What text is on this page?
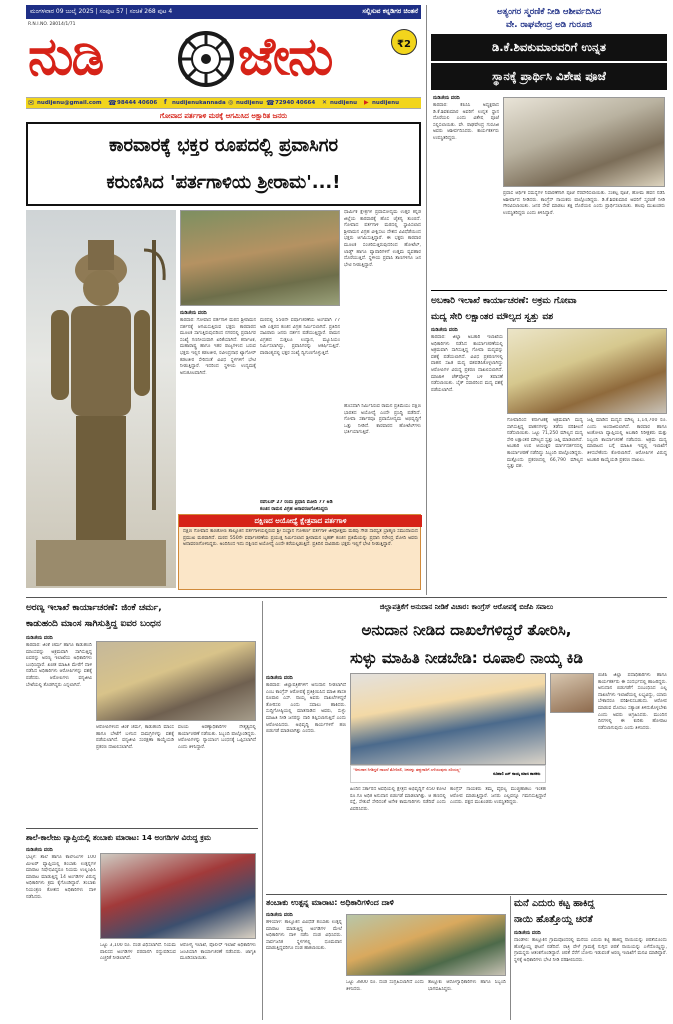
ಮಂಗಳವಾರ 09 ಜುಲೈ 2025 | ಸಂಪುಟ 57 | ಸಂಚಿಕೆ 268 ಪುಟ 4	ಸಲ್ಲಿಸುವ ಕನ್ನಡಿಗರ ಚಿಂತನೆ
R.N.I.NO. 28014/1/71
ನುಡಿ	ಜೇನು	₹2
✉ nudijenu@gmail.com ☎ 98444 40606 f nudijenukannada ◎ nudijenu ☎ 72940 40664 ✕ nudijenu ▶ nudijenu
ಅತ್ಯಂಗರ ಸ್ಮರಣಿಕೆ ನೀಡಿ ಆಶೀರ್ವದಿಸಿದ
ವೇ. ರಾಘವೇಂದ್ರ ಅಡಿ ಗುರೂಜಿ
ಡಿ.ಕೆ.ಶಿವಕುಮಾರವರಿಗೆ ಉನ್ನತ
ಸ್ಥಾನಕ್ಕೆ ಪ್ರಾರ್ಥಿಸಿ ವಿಶೇಷ ಪೂಜೆ
ನುಡಿಜೇನು ವರದಿ
ಕಾರವಾರ: ಕೆಪಿಸಿಸಿ ಅಧ್ಯಕ್ಷರಾದ ಡಿ.ಕೆ.ಶಿವಕುಮಾರ ಅವರಿಗೆ ಉನ್ನತ ಸ್ಥಾನ ದೊರೆಯಲಿ ಎಂದು ವಿಶೇಷ ಪೂಜೆ ಸಲ್ಲಿಸಲಾಯಿತು. ವೇ. ರಾಘವೇಂದ್ರ ಗುರೂಜಿ ಅವರು ಆಶೀರ್ವದಿಸಿದರು. ಕಾರ್ಯಕರ್ತರು ಉಪಸ್ಥಿತರಿದ್ದರು.
ಪ್ರವಾಸ ಆರ್ಥಿಕ ಸಮಸ್ಯೆಗಳ ನಿವಾರಣೆಗಾಗಿ ಪೂಜೆ ನೆರವೇರಿಸಲಾಯಿತು. ಸಂಕಲ್ಪ ಪೂಜೆ, ಹೋಮ ಹವನ ನಡೆಸಿ ಅಶೀರ್ವಾದ ನೀಡಿದರು. ಕಾಂಗ್ರೆಸ್ ನಾಯಕರು ಪಾಲ್ಗೊಂಡಿದ್ದರು. ಡಿ.ಕೆ.ಶಿವಕುಮಾರ ಅವರಿಗೆ ಸ್ಮರಣಿಕೆ ನೀಡಿ ಗೌರವಿಸಲಾಯಿತು. ಜನರ ಸೇವೆ ಮಾಡಲು ಶಕ್ತಿ ದೊರೆಯಲಿ ಎಂದು ಪ್ರಾರ್ಥಿಸಲಾಯಿತು. ಹಲವು ಮುಖಂಡರು ಉಪಸ್ಥಿತರಿದ್ದರು ಎಂದು ತಿಳಿಸಿದ್ದಾರೆ.
ಗೋವಾದ ಪರ್ತಗಾಳಿ ಮಠಕ್ಕೆ ಆಗಮಿಸಿದ ಅಕ್ಷಾರಿತ ಜನರು
ಕಾರವಾರಕ್ಕೆ ಭಕ್ತರ ರೂಪದಲ್ಲಿ ಪ್ರವಾಸಿಗರ
ಕರುಣಿಸಿದ 'ಪರ್ತಗಾಳಿಯ ಶ್ರೀರಾಮ'...!
ಧಾರ್ಮಿಕ ಕ್ಷೇತ್ರಗಳ ಪ್ರವಾಸೋದ್ಯಮ ಉತ್ತರ ಕನ್ನಡ ಜಿಲ್ಲೆಯ ಕಾರವಾರಕ್ಕೆ ಹೊಸ ಚೈತನ್ಯ ತುಂಬಿದೆ. ಗೋವಾದ ಪರ್ತಗಾಳಿ ಮಠದಲ್ಲಿ ಸ್ಥಾಪಿಸಲಾದ ಶ್ರೀರಾಮನ ವಿಗ್ರಹ ವೀಕ್ಷಿಸಲು ದೇಶದ ವಿವಿಧೆಡೆಯಿಂದ ಭಕ್ತರು ಆಗಮಿಸುತ್ತಿದ್ದಾರೆ. ಈ ಭಕ್ತರು ಕಾರವಾರ ಮೂಲಕ ಸಂಚರಿಸುತ್ತಿರುವುದರಿಂದ ಹೋಟೆಲ್, ಲಾಡ್ಜ್ ಹಾಗೂ ವ್ಯಾಪಾರಿಗಳಿಗೆ ಉತ್ತಮ ವ್ಯವಹಾರ ದೊರೆಯುತ್ತಿದೆ. ಸ್ಥಳೀಯ ಪ್ರವಾಸಿ ತಾಣಗಳಿಗೂ ಜನ ಭೇಟಿ ನೀಡುತ್ತಿದ್ದಾರೆ.
ನುಡಿಜೇನು ವರದಿ
ಕಾರವಾರ: ಗೋವಾದ ಪರ್ತಗಾಳಿ ಮಠದ ಶ್ರೀರಾಮನ ದರ್ಶನಕ್ಕೆ ಆಗಮಿಸುತ್ತಿರುವ ಭಕ್ತರು ಕಾರವಾರದ ಮೂಲಕ ಸಾಗುತ್ತಿರುವುದರಿಂದ ನಗರದಲ್ಲಿ ಪ್ರವಾಸಿಗರ ಸಂಖ್ಯೆ ಗಣನೀಯವಾಗಿ ಏರಿಕೆಯಾಗಿದೆ. ಕರ್ನಾಟಕ, ಮಹಾರಾಷ್ಟ್ರ ಹಾಗೂ ಇತರ ರಾಜ್ಯಗಳಿಂದ ಬರುವ ಭಕ್ತರು ಇಲ್ಲಿನ ಕಡಲತೀರ, ರವೀಂದ್ರನಾಥ ಟ್ಯಾಗೋರ್ ಕಡಲತೀರ ಸೇರಿದಂತೆ ವಿವಿಧ ಸ್ಥಳಗಳಿಗೆ ಭೇಟಿ ನೀಡುತ್ತಿದ್ದಾರೆ. ಇದರಿಂದ ಸ್ಥಳೀಯ ಉದ್ಯಮಕ್ಕೆ ಅನುಕೂಲವಾಗಿದೆ.
ಮಠದಲ್ಲಿ 550ನೇ ವರ್ಷಾಚರಣೆಯ ಅಂಗವಾಗಿ 77 ಅಡಿ ಎತ್ತರದ ಕಂಚಿನ ವಿಗ್ರಹ ನಿರ್ಮಿಸಲಾಗಿದೆ. ಪ್ರತಿದಿನ ಸಾವಿರಾರು ಜನರು ದರ್ಶನ ಪಡೆಯುತ್ತಿದ್ದಾರೆ. ರಾಮನ ವಿಗ್ರಹದ ಸುತ್ತಲೂ ಉದ್ಯಾನ, ಮ್ಯೂಸಿಯಂ ನಿರ್ಮಿಸಲಾಗಿದ್ದು, ಪ್ರವಾಸಿಗರನ್ನು ಆಕರ್ಷಿಸುತ್ತಿದೆ. ವಾರಾಂತ್ಯದಲ್ಲಿ ಭಕ್ತರ ಸಂಖ್ಯೆ ದ್ವಿಗುಣಗೊಳ್ಳುತ್ತಿದೆ.
ನವೆಂಬರ್ 27 ರಂದು ಪ್ರಧಾನಿ ಮೋದಿ 77 ಅಡಿ ಕಂಚಿನ ರಾಮನ ವಿಗ್ರಹ ಅನಾವರಣಗೊಳಿಸಿದ್ದರು
ಹೊಸದಾಗಿ ನಿರ್ಮಿಸಿರುವ ರಾಮನ ಪ್ರತಿಮೆಯು ದಕ್ಷಿಣ ಭಾರತದ ಅಯೋಧ್ಯೆ ಎಂದೇ ಪ್ರಸಿದ್ಧಿ ಪಡೆದಿದೆ. ಗೋವಾ ಸರ್ಕಾರವೂ ಪ್ರವಾಸೋದ್ಯಮ ಅಭಿವೃದ್ಧಿಗೆ ಒತ್ತು ನೀಡಿದೆ. ಕಾರವಾರದ ಹೋಟೆಲ್‌ಗಳು ಭರ್ತಿಯಾಗುತ್ತಿವೆ.
ದಕ್ಷಿಣದ ಅಯೋಧ್ಯೆ ಕ್ಷೇತ್ರವಾದ ಪರ್ತಗಾಳಿ
ದಕ್ಷಿಣ ಗೋವಾದ ಕಾಣಕೋಣ ತಾಲ್ಲೂಕಿನ ಪರ್ತಗಾಳಿಯಲ್ಲಿರುವ ಶ್ರೀ ಸಂಸ್ಥಾನ ಗೋಕರ್ಣ ಪರ್ತಗಾಳಿ ಜೀವೋತ್ತಮ ಮಠವು ಗೌಡ ಸಾರಸ್ವತ ಬ್ರಾಹ್ಮಣ ಸಮುದಾಯದ ಪ್ರಮುಖ ಮಠವಾಗಿದೆ. ಮಠದ 550ನೇ ವರ್ಷಾಚರಣೆಯ ಪ್ರಯುಕ್ತ ನಿರ್ಮಿಸಲಾದ ಶ್ರೀರಾಮನ ಬೃಹತ್ ಕಂಚಿನ ಪ್ರತಿಮೆಯನ್ನು ಪ್ರಧಾನಿ ನರೇಂದ್ರ ಮೋದಿ ಅವರು ಅನಾವರಣಗೊಳಿಸಿದ್ದರು. ಅಂದಿನಿಂದ ಇದು ದಕ್ಷಿಣದ ಅಯೋಧ್ಯೆ ಎಂದೇ ಕರೆಯಲ್ಪಡುತ್ತಿದೆ. ಪ್ರತಿದಿನ ಸಾವಿರಾರು ಭಕ್ತರು ಇಲ್ಲಿಗೆ ಭೇಟಿ ನೀಡುತ್ತಿದ್ದಾರೆ.
ಅಬಕಾರಿ ಇಲಾಖೆ ಕಾರ್ಯಾಚರಣೆ: ಅಕ್ರಮ ಗೋವಾ
ಮದ್ಯ ಸೇರಿ ಲಕ್ಷಾಂತರ ಮೌಲ್ಯದ ಸ್ವತ್ತು ವಶ
ನುಡಿಜೇನು ವರದಿ
ಕಾರವಾರ: ಜಿಲ್ಲಾ ಅಬಕಾರಿ ಇಲಾಖೆಯ ಅಧಿಕಾರಿಗಳು ನಡೆಸಿದ ಕಾರ್ಯಾಚರಣೆಯಲ್ಲಿ ಅಕ್ರಮವಾಗಿ ಸಾಗಿಸುತ್ತಿದ್ದ ಗೋವಾ ಮದ್ಯವನ್ನು ವಶಕ್ಕೆ ಪಡೆಯಲಾಗಿದೆ. ವಿವಿಧ ಪ್ರಕರಣಗಳಲ್ಲಿ ವಾಹನ ಸಹಿತ ಮದ್ಯ ವಶಪಡಿಸಿಕೊಳ್ಳಲಾಗಿದ್ದು ಆರೋಪಿಗಳ ವಿರುದ್ಧ ಪ್ರಕರಣ ದಾಖಲಿಸಲಾಗಿದೆ. ಮಾಜಾಳಿ ಚೆಕ್‌ಪೋಸ್ಟ್ ಬಳಿ ತಪಾಸಣೆ ನಡೆಸಲಾಯಿತು. ಬೈಕ್ ಸವಾರರಿಂದ ಮದ್ಯ ವಶಕ್ಕೆ ಪಡೆಯಲಾಗಿದೆ.
ಗೋವಾದಿಂದ ಕರ್ನಾಟಕಕ್ಕೆ ಅಕ್ರಮವಾಗಿ ಮದ್ಯ ಸಾಗಿಸುತ್ತಿದ್ದ ವಾಹನಗಳನ್ನು ತಡೆದು ಪರಿಶೀಲನೆ ನಡೆಸಲಾಯಿತು. ಒಟ್ಟು 71,250 ಮೌಲ್ಯದ ಮದ್ಯ ಸೇರಿ ಲಕ್ಷಾಂತರ ಮೌಲ್ಯದ ಸ್ವತ್ತು ಜಪ್ತಿ ಮಾಡಲಾಗಿದೆ. ಅಬಕಾರಿ ಉಪ ಆಯುಕ್ತರ ಮಾರ್ಗದರ್ಶನದಲ್ಲಿ ಕಾರ್ಯಾಚರಣೆ ನಡೆದಿದ್ದು ಸಿಬ್ಬಂದಿ ಪಾಲ್ಗೊಂಡಿದ್ದರು. ಮತ್ತೊಂದು ಪ್ರಕರಣದಲ್ಲಿ 66,790 ಮೌಲ್ಯದ ಸ್ವತ್ತು ವಶ.
ಜಪ್ತಿ ಮಾಡಿದ ಮದ್ಯದ ಮೌಲ್ಯ 1,14,700 ರೂ. ಎಂದು ಅಂದಾಜಿಸಲಾಗಿದೆ. ಕಾರವಾರ ಹಾಗೂ ಅಂಕೋಲಾ ವ್ಯಾಪ್ತಿಯಲ್ಲಿ ಅಬಕಾರಿ ನಿರೀಕ್ಷಕರು ಮತ್ತು ಸಿಬ್ಬಂದಿ ಕಾರ್ಯಾಚರಣೆ ನಡೆಸಿದರು. ಅಕ್ರಮ ಮದ್ಯ ಮಾರಾಟದ ಬಗ್ಗೆ ಮಾಹಿತಿ ಇದ್ದಲ್ಲಿ ಇಲಾಖೆಗೆ ತಿಳಿಸಬೇಕೆಂದು ಕೋರಲಾಗಿದೆ. ಆರೋಪಿಗಳ ವಿರುದ್ಧ ಅಬಕಾರಿ ಕಾಯ್ದೆಯಡಿ ಪ್ರಕರಣ ದಾಖಲು.
ಅರಣ್ಯ ಇಲಾಖೆ ಕಾರ್ಯಾಚರಣೆ: ಜಿಂಕೆ ಚರ್ಮ,
ಕಾಡುಹಂದಿ ಮಾಂಸ ಸಾಗಿಸುತ್ತಿದ್ದ ಐವರ ಬಂಧನ
ನುಡಿಜೇನು ವರದಿ
ಕಾರವಾರ: ಜಿಂಕೆ ಚರ್ಮ ಹಾಗೂ ಕಾಡುಹಂದಿ ಮಾಂಸವನ್ನು ಅಕ್ರಮವಾಗಿ ಸಾಗಿಸುತ್ತಿದ್ದ ಐವರನ್ನು ಅರಣ್ಯ ಇಲಾಖೆಯ ಅಧಿಕಾರಿಗಳು ಬಂಧಿಸಿದ್ದಾರೆ. ಖಚಿತ ಮಾಹಿತಿ ಮೇರೆಗೆ ದಾಳಿ ನಡೆಸಿದ ಅಧಿಕಾರಿಗಳು ಆರೋಪಿಗಳನ್ನು ವಶಕ್ಕೆ ಪಡೆದರು. ಆರೋಪಿಗಳು ವನ್ಯಜೀವಿ ಬೇಟೆಯಲ್ಲಿ ತೊಡಗಿದ್ದರು ಎನ್ನಲಾಗಿದೆ.
ಆರೋಪಿಗಳಿಂದ ಜಿಂಕೆ ಚರ್ಮ, ಕಾಡುಹಂದಿ ಮಾಂಸ ಹಾಗೂ ಬೇಟೆಗೆ ಬಳಸಿದ ಸಾಮಗ್ರಿಗಳನ್ನು ವಶಕ್ಕೆ ಪಡೆಯಲಾಗಿದೆ. ವನ್ಯಜೀವಿ ಸಂರಕ್ಷಣಾ ಕಾಯ್ದೆಯಡಿ ಪ್ರಕರಣ ದಾಖಲಿಸಲಾಗಿದೆ.
ವಲಯ ಅರಣ್ಯಾಧಿಕಾರಿಗಳ ನೇತೃತ್ವದಲ್ಲಿ ಕಾರ್ಯಾಚರಣೆ ನಡೆಯಿತು. ಸಿಬ್ಬಂದಿ ಪಾಲ್ಗೊಂಡಿದ್ದರು. ಆರೋಪಿಗಳನ್ನು ನ್ಯಾಯಾಂಗ ಬಂಧನಕ್ಕೆ ಒಪ್ಪಿಸಲಾಗಿದೆ ಎಂದು ತಿಳಿಸಿದ್ದಾರೆ.
ಜಿಲ್ಲಾಪತ್ರಿಕೆಗೆ ಅನುದಾನ ನೀಡಿಕೆ ವಿಚಾರ: ಕಾಂಗ್ರೆಸ್ ಆರೋಪಕ್ಕೆ ಬಿಜೆಪಿ ಸವಾಲು
ಅನುದಾನ ನೀಡಿದ ದಾಖಲೆಗಳಿದ್ದರೆ ತೋರಿಸಿ,
ಸುಳ್ಳು ಮಾಹಿತಿ ನೀಡಬೇಡಿ: ರೂಪಾಲಿ ನಾಯ್ಕ ಕಿಡಿ
ನುಡಿಜೇನು ವರದಿ
ಕಾರವಾರ: ಜಿಲ್ಲಾಪತ್ರಿಕೆಗಳಿಗೆ ಅನುದಾನ ನೀಡಲಾಗಿದೆ ಎಂಬ ಕಾಂಗ್ರೆಸ್ ಆರೋಪಕ್ಕೆ ಪ್ರತಿಕ್ರಿಯಿಸಿದ ಮಾಜಿ ಶಾಸಕಿ ರೂಪಾಲಿ ಎಸ್. ನಾಯ್ಕ ಅವರು ದಾಖಲೆಗಳಿದ್ದರೆ ತೋರಿಸಲಿ ಎಂದು ಸವಾಲು ಹಾಕಿದರು. ಸುದ್ದಿಗೋಷ್ಠಿಯಲ್ಲಿ ಮಾತನಾಡಿದ ಅವರು, ಸುಳ್ಳು ಮಾಹಿತಿ ನೀಡಿ ಜನರನ್ನು ದಾರಿ ತಪ್ಪಿಸಲಾಗುತ್ತಿದೆ ಎಂದು ಆರೋಪಿಸಿದರು. ಅಭಿವೃದ್ಧಿ ಕಾರ್ಯಗಳಿಗೆ ಹಣ ಬಿಡುಗಡೆ ಮಾಡಲಾಗಿತ್ತು ಎಂದರು.
"ಅನುದಾನ ನೀಡಿದ್ದರೆ ದಾಖಲೆ ತೋರಿಸಲಿ, ಜನರನ್ನು ತಪ್ಪುದಾರಿಗೆ ಎಳೆಯುವುದು ಸರಿಯಲ್ಲ"
ರೂಪಾಲಿ ಎಸ್ ನಾಯ್ಕ ಮಾಜಿ ಶಾಸಕರು
ಹಿಂದಿನ ಸರ್ಕಾರದ ಅವಧಿಯಲ್ಲಿ ಕ್ಷೇತ್ರದ ಅಭಿವೃದ್ಧಿಗೆ 450 ಕೋಟಿ ರೂ.ಗೂ ಅಧಿಕ ಅನುದಾನ ಬಿಡುಗಡೆ ಮಾಡಲಾಗಿತ್ತು. ಆ ಹಣದಲ್ಲಿ ರಸ್ತೆ, ಸೇತುವೆ ಸೇರಿದಂತೆ ಅನೇಕ ಕಾಮಗಾರಿಗಳು ನಡೆದಿವೆ ಎಂದು ವಿವರಿಸಿದರು.
ಕಾಂಗ್ರೆಸ್ ನಾಯಕರು ತಮ್ಮ ವೈಫಲ್ಯ ಮುಚ್ಚಿಹಾಕಲು ಇಂತಹ ಆರೋಪ ಮಾಡುತ್ತಿದ್ದಾರೆ. ಜನರು ಎಲ್ಲವನ್ನೂ ಗಮನಿಸುತ್ತಿದ್ದಾರೆ ಎಂದರು. ಪಕ್ಷದ ಮುಖಂಡರು ಉಪಸ್ಥಿತರಿದ್ದರು.
ಬಿಜೆಪಿ ಜಿಲ್ಲಾ ಪದಾಧಿಕಾರಿಗಳು ಹಾಗೂ ಕಾರ್ಯಕರ್ತರು ಈ ಸಂದರ್ಭದಲ್ಲಿ ಹಾಜರಿದ್ದರು. ಅನುದಾನ ಬಿಡುಗಡೆಗೆ ಸಂಬಂಧಿಸಿದ ಎಲ್ಲ ದಾಖಲೆಗಳು ಇಲಾಖೆಯಲ್ಲಿ ಲಭ್ಯವಿದ್ದು, ಯಾರು ಬೇಕಾದರೂ ಪರಿಶೀಲಿಸಬಹುದು. ಆರೋಪ ಮಾಡುವ ಮೊದಲು ಸತ್ಯಾಂಶ ತಿಳಿದುಕೊಳ್ಳಬೇಕು ಎಂದು ಅವರು ಆಗ್ರಹಿಸಿದರು. ಮುಂದಿನ ದಿನಗಳಲ್ಲಿ ಈ ಕುರಿತು ಹೋರಾಟ ನಡೆಸಲಾಗುವುದು ಎಂದು ತಿಳಿಸಿದರು.
ಶಾಲೆ-ಕಾಲೇಜು ವ್ಯಾಪ್ತಿಯಲ್ಲಿ ತಂಬಾಕು ಮಾರಾಟ: 14 ಅಂಗಡಿಗಳ ವಿರುದ್ಧ ಕ್ರಮ
ನುಡಿಜೇನು ವರದಿ
ಭಟ್ಕಳ: ಶಾಲೆ ಹಾಗೂ ಕಾಲೇಜುಗಳ 100 ಮೀಟರ್ ವ್ಯಾಪ್ತಿಯಲ್ಲಿ ತಂಬಾಕು ಉತ್ಪನ್ನಗಳ ಮಾರಾಟ ನಿಷೇಧವಿದ್ದರೂ ನಿಯಮ ಉಲ್ಲಂಘಿಸಿ ಮಾರಾಟ ಮಾಡುತ್ತಿದ್ದ 14 ಅಂಗಡಿಗಳ ವಿರುದ್ಧ ಅಧಿಕಾರಿಗಳು ಕ್ರಮ ಕೈಗೊಂಡಿದ್ದಾರೆ. ತಂಬಾಕು ನಿಯಂತ್ರಣ ಕೋಶದ ಅಧಿಕಾರಿಗಳು ದಾಳಿ ನಡೆಸಿದರು.
ಒಟ್ಟು 3,100 ರೂ. ದಂಡ ವಿಧಿಸಲಾಗಿದೆ. ನಿಯಮ ಪಾಲಿಸದ ಅಂಗಡಿಗಳ ಪರವಾನಗಿ ರದ್ದುಪಡಿಸುವ ಎಚ್ಚರಿಕೆ ನೀಡಲಾಗಿದೆ.
ಆರೋಗ್ಯ ಇಲಾಖೆ, ಪೊಲೀಸ್ ಇಲಾಖೆ ಅಧಿಕಾರಿಗಳು ಜಂಟಿಯಾಗಿ ಕಾರ್ಯಾಚರಣೆ ನಡೆಸಿದರು. ಜಾಗೃತಿ ಮೂಡಿಸಲಾಯಿತು.
ತಂಬಾಕು ಉತ್ಪನ್ನ ಮಾರಾಟ: ಅಧಿಕಾರಿಗಳಿಂದ ದಾಳಿ
ನುಡಿಜೇನು ವರದಿ
ಹಳಿಯಾಳ: ತಾಲ್ಲೂಕಿನ ವಿವಿಧೆಡೆ ತಂಬಾಕು ಉತ್ಪನ್ನ ಮಾರಾಟ ಮಾಡುತ್ತಿದ್ದ ಅಂಗಡಿಗಳ ಮೇಲೆ ಅಧಿಕಾರಿಗಳು ದಾಳಿ ನಡೆಸಿ ದಂಡ ವಿಧಿಸಿದರು. ಸಾರ್ವಜನಿಕ ಸ್ಥಳಗಳಲ್ಲಿ ಧೂಮಪಾನ ಮಾಡುತ್ತಿದ್ದವರಿಗೂ ದಂಡ ಹಾಕಲಾಯಿತು.
ಒಟ್ಟು 3800 ರೂ. ದಂಡ ಸಂಗ್ರಹಿಸಲಾಗಿದೆ ಎಂದು ತಿಳಿಸಿದರು.
ತಾಲ್ಲೂಕು ಆರೋಗ್ಯಾಧಿಕಾರಿಗಳು ಹಾಗೂ ಸಿಬ್ಬಂದಿ ಭಾಗವಹಿಸಿದ್ದರು.
ಮನೆ ಎದುರು ಕಟ್ಟ ಹಾಕಿದ್ದ
ನಾಯಿ ಹೊತ್ತೊಯ್ದ ಚಿರತೆ
ನುಡಿಜೇನು ವರದಿ
ದಾಂಡೇಲಿ: ತಾಲ್ಲೂಕಿನ ಗ್ರಾಮವೊಂದರಲ್ಲಿ ಮನೆಯ ಎದುರು ಕಟ್ಟಿ ಹಾಕಿದ್ದ ನಾಯಿಯನ್ನು ಚಿರತೆಯೊಂದು ಹೊತ್ತೊಯ್ದ ಘಟನೆ ನಡೆದಿದೆ. ರಾತ್ರಿ ವೇಳೆ ಗ್ರಾಮಕ್ಕೆ ನುಗ್ಗಿದ ಚಿರತೆ ನಾಯಿಯನ್ನು ಎಳೆದೊಯ್ದಿದ್ದು, ಗ್ರಾಮಸ್ಥರು ಆತಂಕಗೊಂಡಿದ್ದಾರೆ. ಚಿರತೆ ಸೆರೆಗೆ ಬೋನು ಇಡುವಂತೆ ಅರಣ್ಯ ಇಲಾಖೆಗೆ ಮನವಿ ಮಾಡಿದ್ದಾರೆ. ಸ್ಥಳಕ್ಕೆ ಅಧಿಕಾರಿಗಳು ಭೇಟಿ ನೀಡಿ ಪರಿಶೀಲಿಸಿದರು.
